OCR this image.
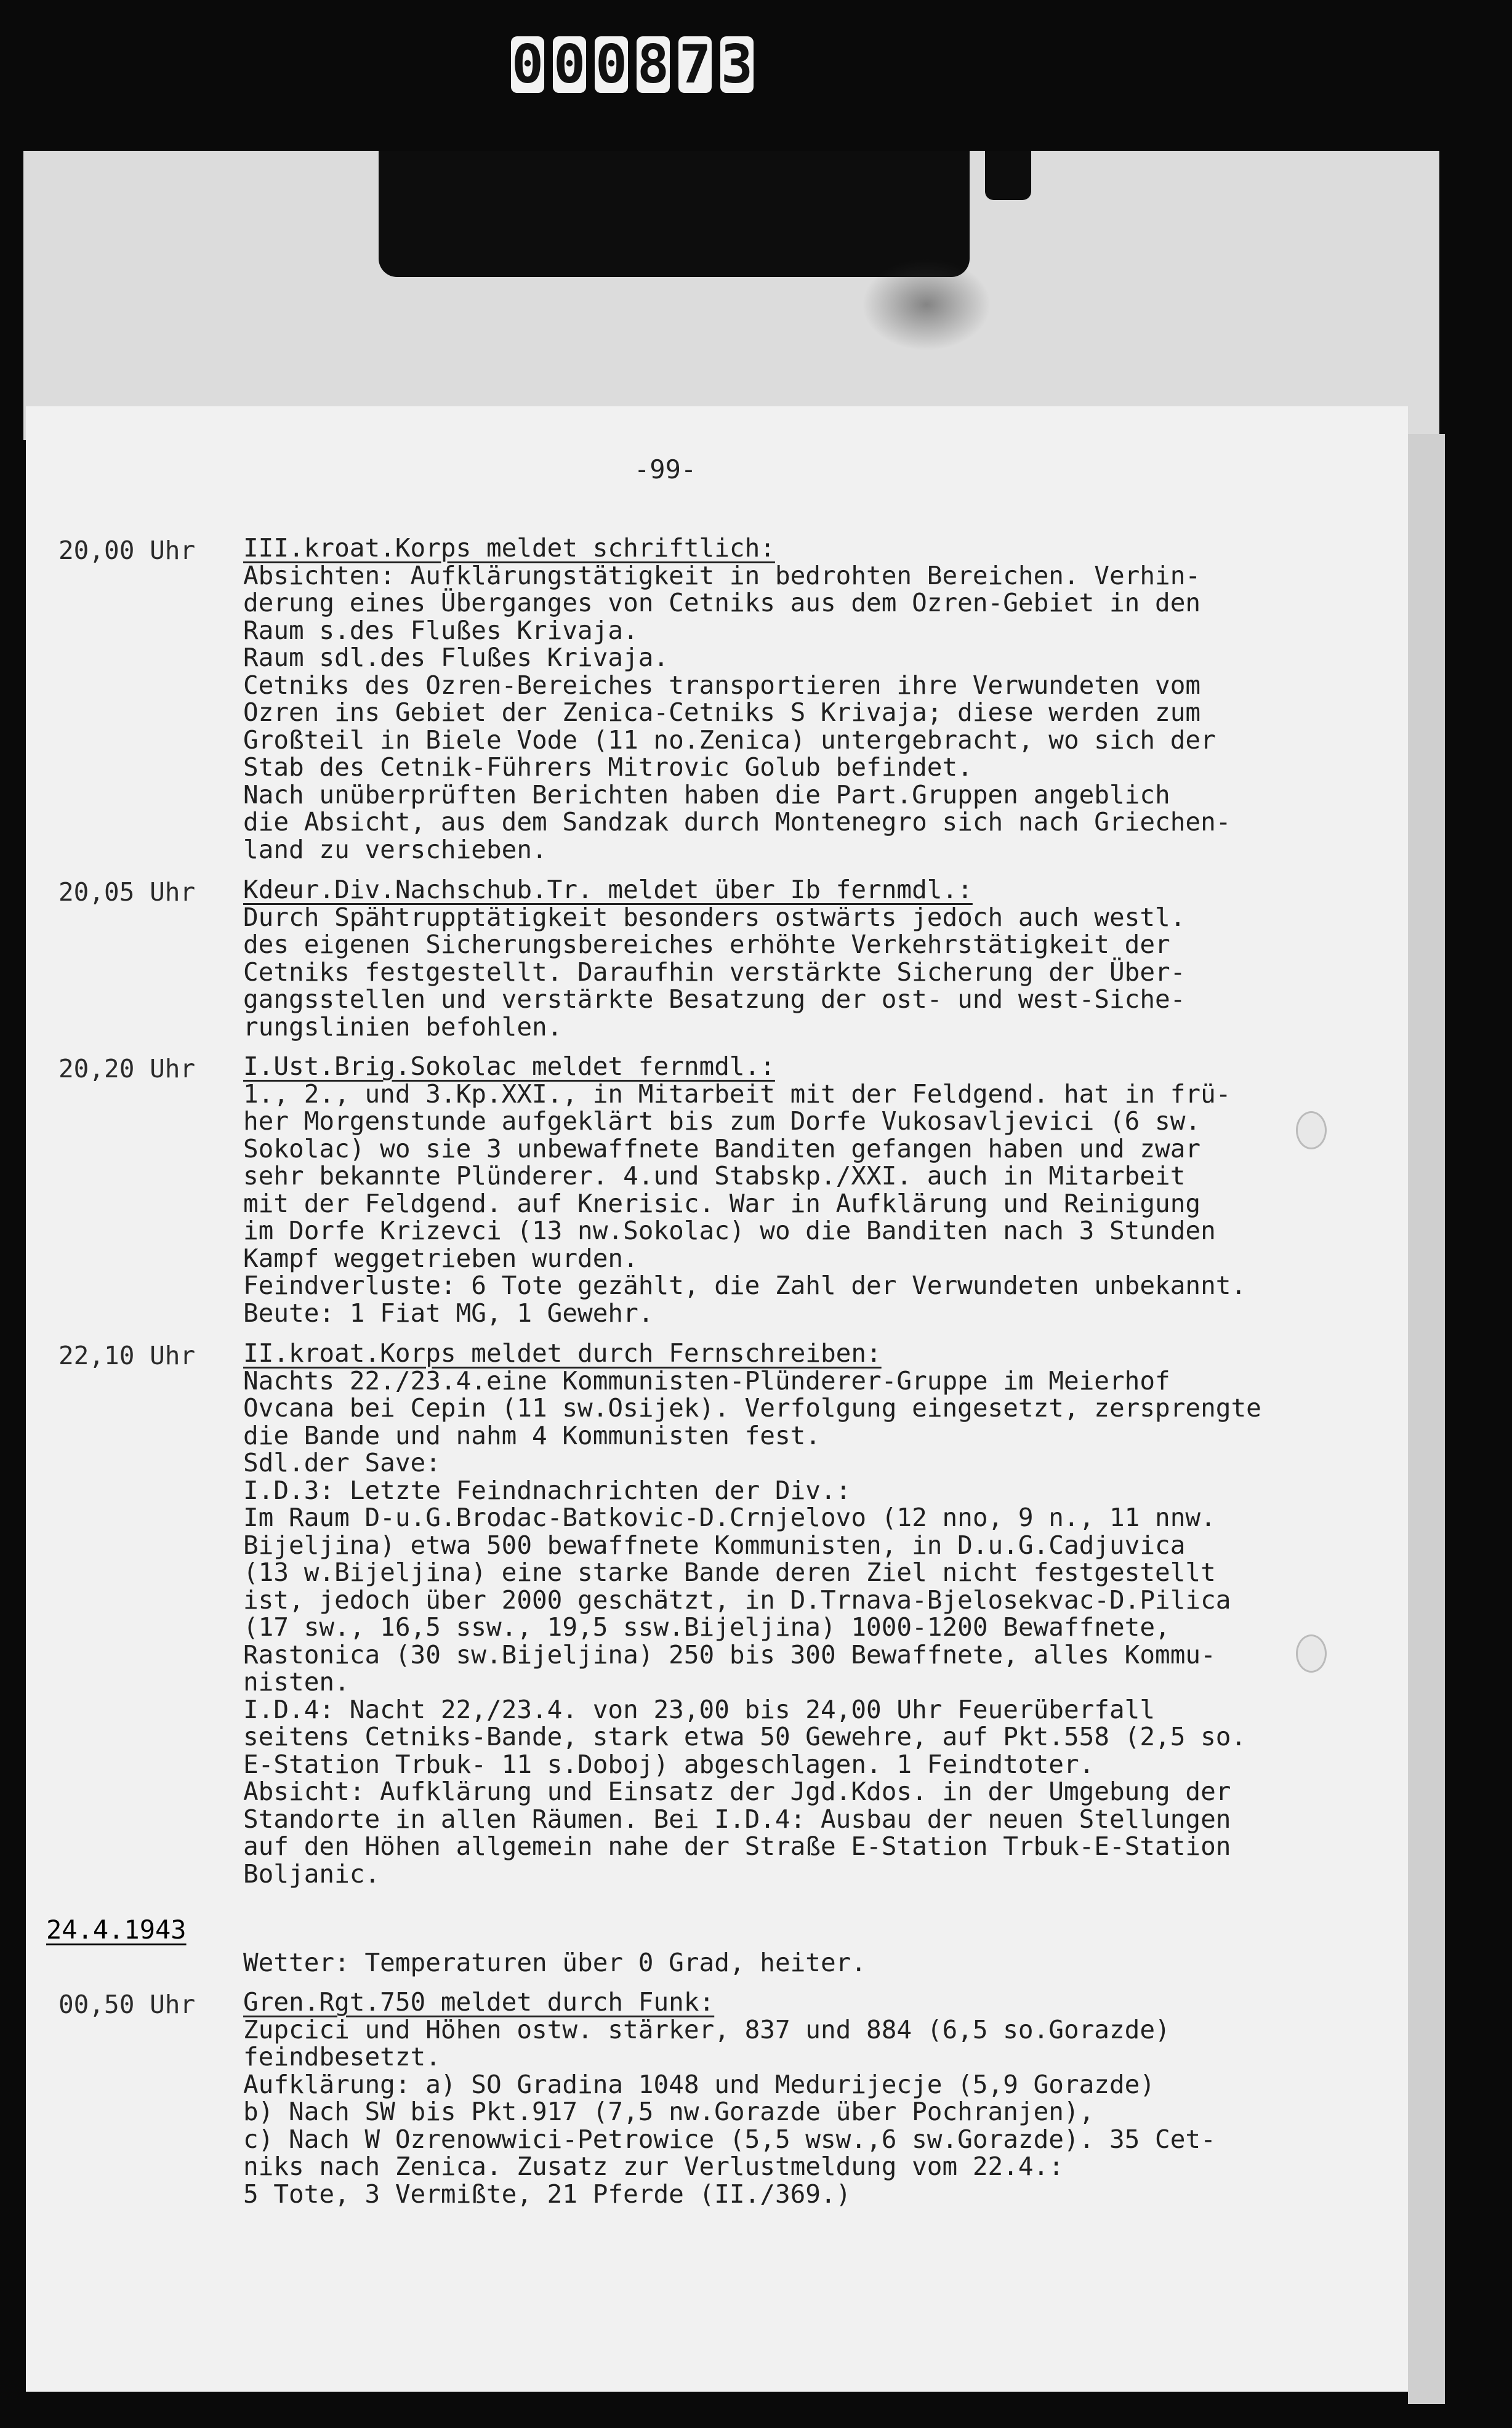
0 0 0 8 7 3
-99-
20,00 Uhr III.kroat.Korps meldet schriftlich:
Absichten: Aufklärungstätigkeit in bedrohten Bereichen. Verhin-
derung eines Überganges von Cetniks aus dem Ozren-Gebiet in den
Raum s.des Flußes Krivaja.
Raum sdl.des Flußes Krivaja.
Cetniks des Ozren-Bereiches transportieren ihre Verwundeten vom
Ozren ins Gebiet der Zenica-Cetniks S Krivaja; diese werden zum
Großteil in Biele Vode (11 no.Zenica) untergebracht, wo sich der
Stab des Cetnik-Führers Mitrovic Golub befindet.
Nach unüberprüften Berichten haben die Part.Gruppen angeblich
die Absicht, aus dem Sandzak durch Montenegro sich nach Griechen-
land zu verschieben.
20,05 Uhr Kdeur.Div.Nachschub.Tr. meldet über Ib fernmdl.:
Durch Spähtrupptätigkeit besonders ostwärts jedoch auch westl.
des eigenen Sicherungsbereiches erhöhte Verkehrstätigkeit der
Cetniks festgestellt. Daraufhin verstärkte Sicherung der Über-
gangsstellen und verstärkte Besatzung der ost- und west-Siche-
rungslinien befohlen.
20,20 Uhr I.Ust.Brig.Sokolac meldet fernmdl.:
1., 2., und 3.Kp.XXI., in Mitarbeit mit der Feldgend. hat in frü-
her Morgenstunde aufgeklärt bis zum Dorfe Vukosavljevici (6 sw.
Sokolac) wo sie 3 unbewaffnete Banditen gefangen haben und zwar
sehr bekannte Plünderer. 4.und Stabskp./XXI. auch in Mitarbeit
mit der Feldgend. auf Knerisic. War in Aufklärung und Reinigung
im Dorfe Krizevci (13 nw.Sokolac) wo die Banditen nach 3 Stunden
Kampf weggetrieben wurden.
Feindverluste: 6 Tote gezählt, die Zahl der Verwundeten unbekannt.
Beute: 1 Fiat MG, 1 Gewehr.
22,10 Uhr II.kroat.Korps meldet durch Fernschreiben:
Nachts 22./23.4.eine Kommunisten-Plünderer-Gruppe im Meierhof
Ovcana bei Cepin (11 sw.Osijek). Verfolgung eingesetzt, zersprengte
die Bande und nahm 4 Kommunisten fest.
Sdl.der Save:
I.D.3: Letzte Feindnachrichten der Div.:
Im Raum D-u.G.Brodac-Batkovic-D.Crnjelovo (12 nno, 9 n., 11 nnw.
Bijeljina) etwa 500 bewaffnete Kommunisten, in D.u.G.Cadjuvica
(13 w.Bijeljina) eine starke Bande deren Ziel nicht festgestellt
ist, jedoch über 2000 geschätzt, in D.Trnava-Bjelosekvac-D.Pilica
(17 sw., 16,5 ssw., 19,5 ssw.Bijeljina) 1000-1200 Bewaffnete,
Rastonica (30 sw.Bijeljina) 250 bis 300 Bewaffnete, alles Kommu-
nisten.
I.D.4: Nacht 22,/23.4. von 23,00 bis 24,00 Uhr Feuerüberfall
seitens Cetniks-Bande, stark etwa 50 Gewehre, auf Pkt.558 (2,5 so.
E-Station Trbuk- 11 s.Doboj) abgeschlagen. 1 Feindtoter.
Absicht: Aufklärung und Einsatz der Jgd.Kdos. in der Umgebung der
Standorte in allen Räumen. Bei I.D.4: Ausbau der neuen Stellungen
auf den Höhen allgemein nahe der Straße E-Station Trbuk-E-Station
Boljanic.
Wetter: Temperaturen über 0 Grad, heiter.
00,50 Uhr Gren.Rgt.750 meldet durch Funk:
Zupcici und Höhen ostw. stärker, 837 und 884 (6,5 so.Gorazde)
feindbesetzt.
Aufklärung: a) SO Gradina 1048 und Medurijecje (5,9 Gorazde)
b) Nach SW bis Pkt.917 (7,5 nw.Gorazde über Pochranjen),
c) Nach W Ozrenowwici-Petrowice (5,5 wsw.,6 sw.Gorazde). 35 Cet-
niks nach Zenica. Zusatz zur Verlustmeldung vom 22.4.:
5 Tote, 3 Vermißte, 21 Pferde (II./369.)
24.4.1943
